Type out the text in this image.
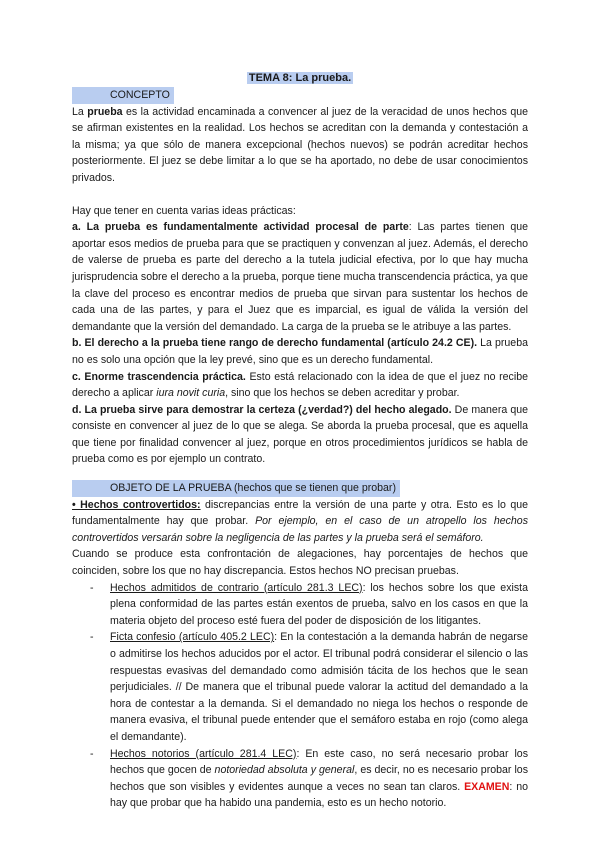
TEMA 8: La prueba.
CONCEPTO
La prueba es la actividad encaminada a convencer al juez de la veracidad de unos hechos que se afirman existentes en la realidad. Los hechos se acreditan con la demanda y contestación a la misma; ya que sólo de manera excepcional (hechos nuevos) se podrán acreditar hechos posteriormente. El juez se debe limitar a lo que se ha aportado, no debe de usar conocimientos privados.
Hay que tener en cuenta varias ideas prácticas:
a. La prueba es fundamentalmente actividad procesal de parte: Las partes tienen que aportar esos medios de prueba para que se practiquen y convenzan al juez. Además, el derecho de valerse de prueba es parte del derecho a la tutela judicial efectiva, por lo que hay mucha jurisprudencia sobre el derecho a la prueba, porque tiene mucha transcendencia práctica, ya que la clave del proceso es encontrar medios de prueba que sirvan para sustentar los hechos de cada una de las partes, y para el Juez que es imparcial, es igual de válida la versión del demandante que la versión del demandado. La carga de la prueba se le atribuye a las partes.
b. El derecho a la prueba tiene rango de derecho fundamental (artículo 24.2 CE). La prueba no es solo una opción que la ley prevé, sino que es un derecho fundamental.
c. Enorme trascendencia práctica. Esto está relacionado con la idea de que el juez no recibe derecho a aplicar iura novit curia, sino que los hechos se deben acreditar y probar.
d. La prueba sirve para demostrar la certeza (¿verdad?) del hecho alegado. De manera que consiste en convencer al juez de lo que se alega. Se aborda la prueba procesal, que es aquella que tiene por finalidad convencer al juez, porque en otros procedimientos jurídicos se habla de prueba como es por ejemplo un contrato.
OBJETO DE LA PRUEBA (hechos que se tienen que probar)
• Hechos controvertidos: discrepancias entre la versión de una parte y otra. Esto es lo que fundamentalmente hay que probar. Por ejemplo, en el caso de un atropello los hechos controvertidos versarán sobre la negligencia de las partes y la prueba será el semáforo.
Cuando se produce esta confrontación de alegaciones, hay porcentajes de hechos que coinciden, sobre los que no hay discrepancia. Estos hechos NO precisan pruebas.
- Hechos admitidos de contrario (artículo 281.3 LEC): los hechos sobre los que exista plena conformidad de las partes están exentos de prueba, salvo en los casos en que la materia objeto del proceso esté fuera del poder de disposición de los litigantes.
- Ficta confesio (artículo 405.2 LEC): En la contestación a la demanda habrán de negarse o admitirse los hechos aducidos por el actor. El tribunal podrá considerar el silencio o las respuestas evasivas del demandado como admisión tácita de los hechos que le sean perjudiciales. // De manera que el tribunal puede valorar la actitud del demandado a la hora de contestar a la demanda. Si el demandado no niega los hechos o responde de manera evasiva, el tribunal puede entender que el semáforo estaba en rojo (como alega el demandante).
- Hechos notorios (artículo 281.4 LEC): En este caso, no será necesario probar los hechos que gocen de notoriedad absoluta y general, es decir, no es necesario probar los hechos que son visibles y evidentes aunque a veces no sean tan claros. EXAMEN: no hay que probar que ha habido una pandemia, esto es un hecho notorio.
